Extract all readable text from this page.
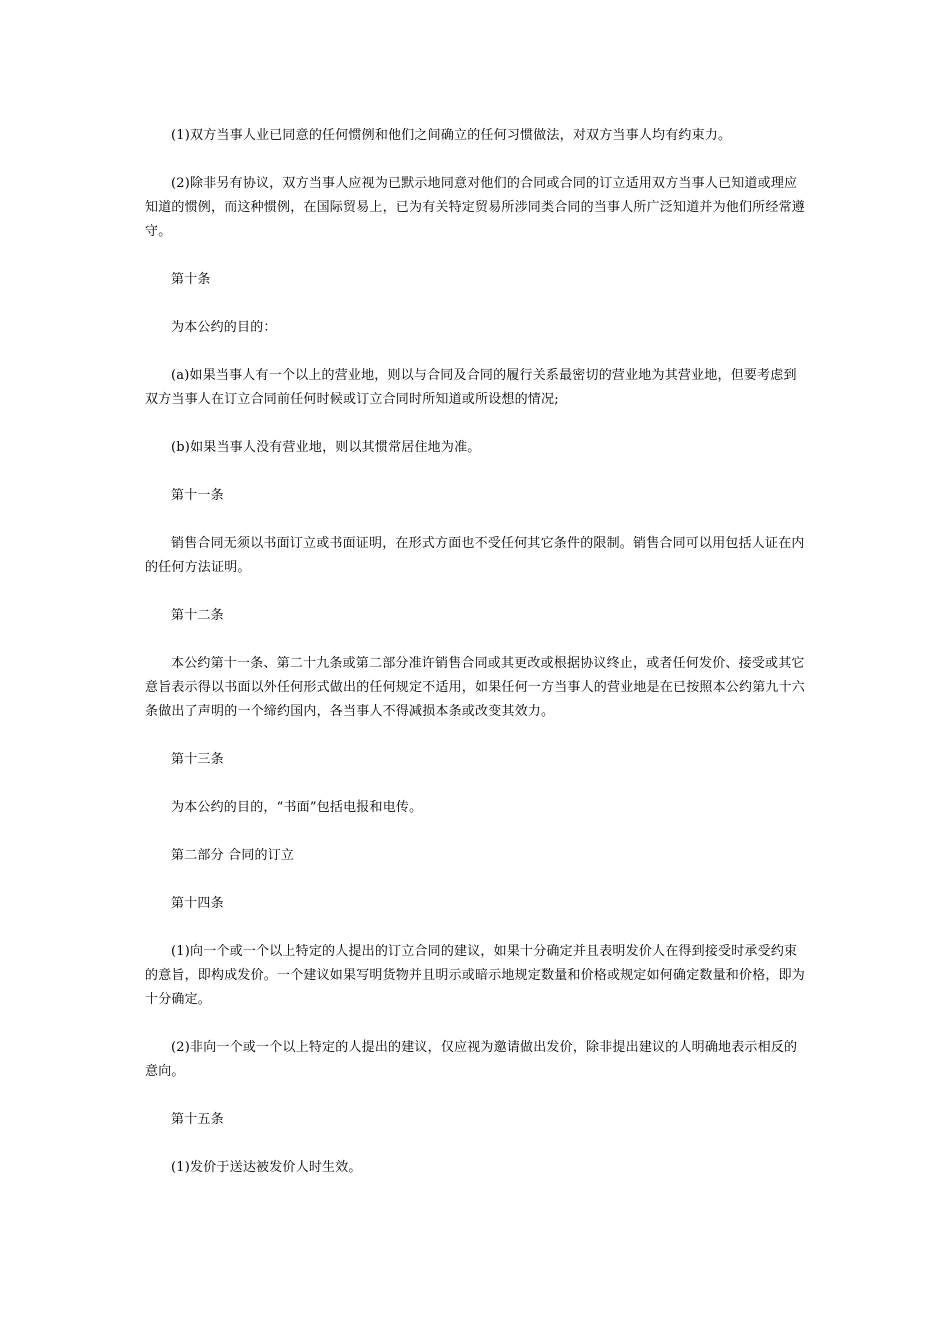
(1)双方当事人业已同意的任何惯例和他们之间确立的任何习惯做法，对双方当事人均有约束力。

(2)除非另有协议，双方当事人应视为已默示地同意对他们的合同或合同的订立适用双方当事人已知道或理应知道的惯例，而这种惯例，在国际贸易上，已为有关特定贸易所涉同类合同的当事人所广泛知道并为他们所经常遵守。

第十条

为本公约的目的：

(a)如果当事人有一个以上的营业地，则以与合同及合同的履行关系最密切的营业地为其营业地，但要考虑到双方当事人在订立合同前任何时候或订立合同时所知道或所设想的情况;

(b)如果当事人没有营业地，则以其惯常居住地为准。

第十一条

销售合同无须以书面订立或书面证明，在形式方面也不受任何其它条件的限制。销售合同可以用包括人证在内的任何方法证明。

第十二条

本公约第十一条、第二十九条或第二部分准许销售合同或其更改或根据协议终止，或者任何发价、接受或其它意旨表示得以书面以外任何形式做出的任何规定不适用，如果任何一方当事人的营业地是在已按照本公约第九十六条做出了声明的一个缔约国内，各当事人不得减损本条或改变其效力。

第十三条

为本公约的目的，“书面”包括电报和电传。

第二部分 合同的订立

第十四条

(1)向一个或一个以上特定的人提出的订立合同的建议，如果十分确定并且表明发价人在得到接受时承受约束的意旨，即构成发价。一个建议如果写明货物并且明示或暗示地规定数量和价格或规定如何确定数量和价格，即为十分确定。

(2)非向一个或一个以上特定的人提出的建议，仅应视为邀请做出发价，除非提出建议的人明确地表示相反的意向。

第十五条

(1)发价于送达被发价人时生效。
